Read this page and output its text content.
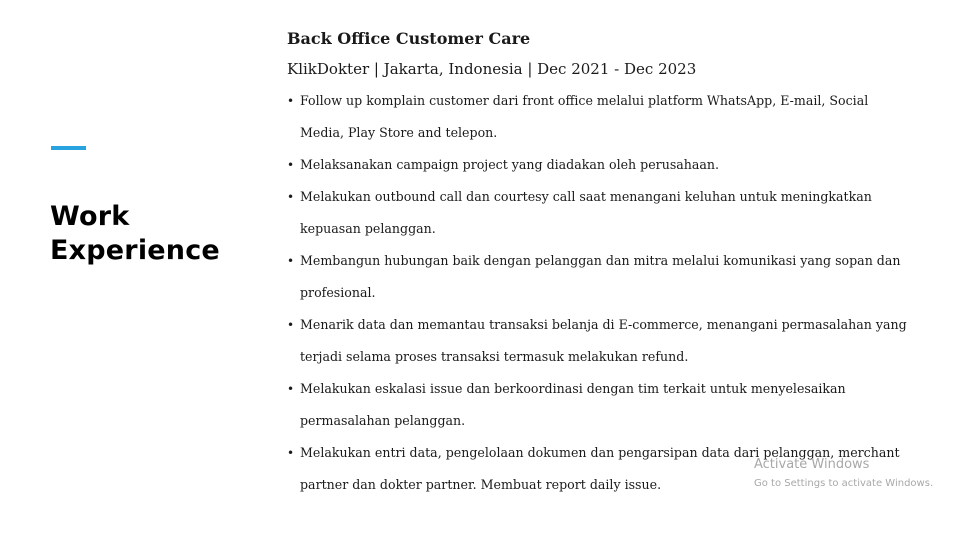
Work
Experience
Back Office Customer Care

KlikDokter | Jakarta, Indonesia | Dec 2021 - Dec 2023

• Follow up komplain customer dari front office melalui platform WhatsApp, E-mail, Social Media, Play Store and telepon.
• Melaksanakan campaign project yang diadakan oleh perusahaan.
• Melakukan outbound call dan courtesy call saat menangani keluhan untuk meningkatkan kepuasan pelanggan.
• Membangun hubungan baik dengan pelanggan dan mitra melalui komunikasi yang sopan dan profesional.
• Menarik data dan memantau transaksi belanja di E-commerce, menangani permasalahan yang terjadi selama proses transaksi termasuk melakukan refund.
• Melakukan eskalasi issue dan berkoordinasi dengan tim terkait untuk menyelesaikan permasalahan pelanggan.
• Melakukan entri data, pengelolaan dokumen dan pengarsipan data dari pelanggan, merchant partner dan dokter partner. Membuat report daily issue.
Activate Windows
Go to Settings to activate Windows.
